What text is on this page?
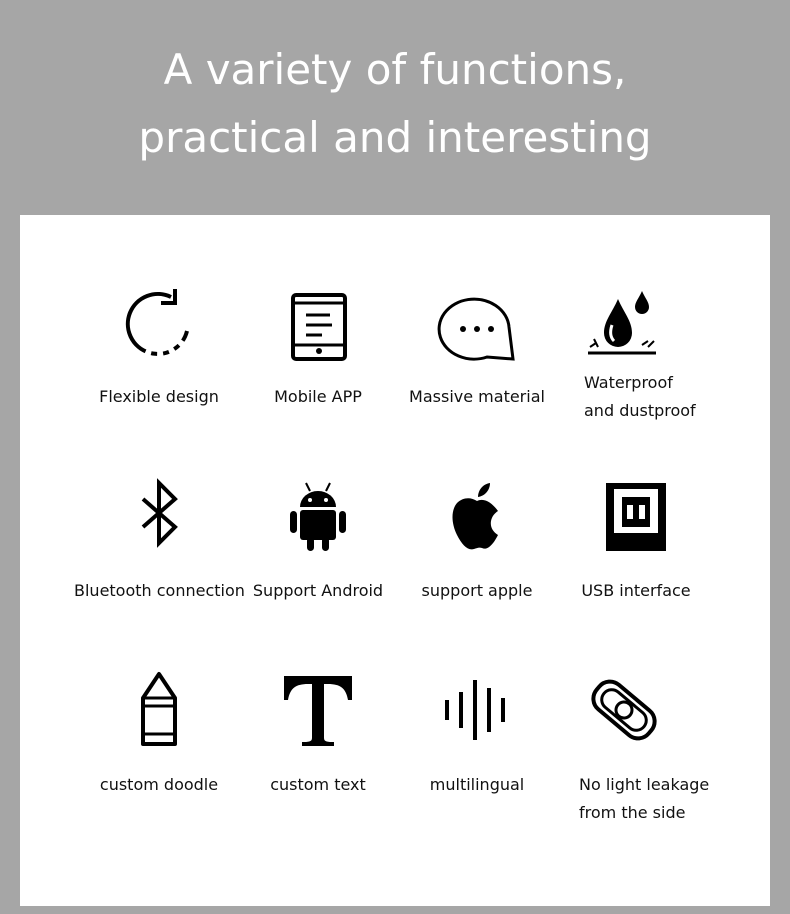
A variety of functions,
practical and interesting
Flexible design	Mobile APP	Massive material
Waterproof
and dustproof
Bluetooth connection Support Android	support apple	USB interface
custom doodle	custom text	multilingual	No light leakage
from the side
